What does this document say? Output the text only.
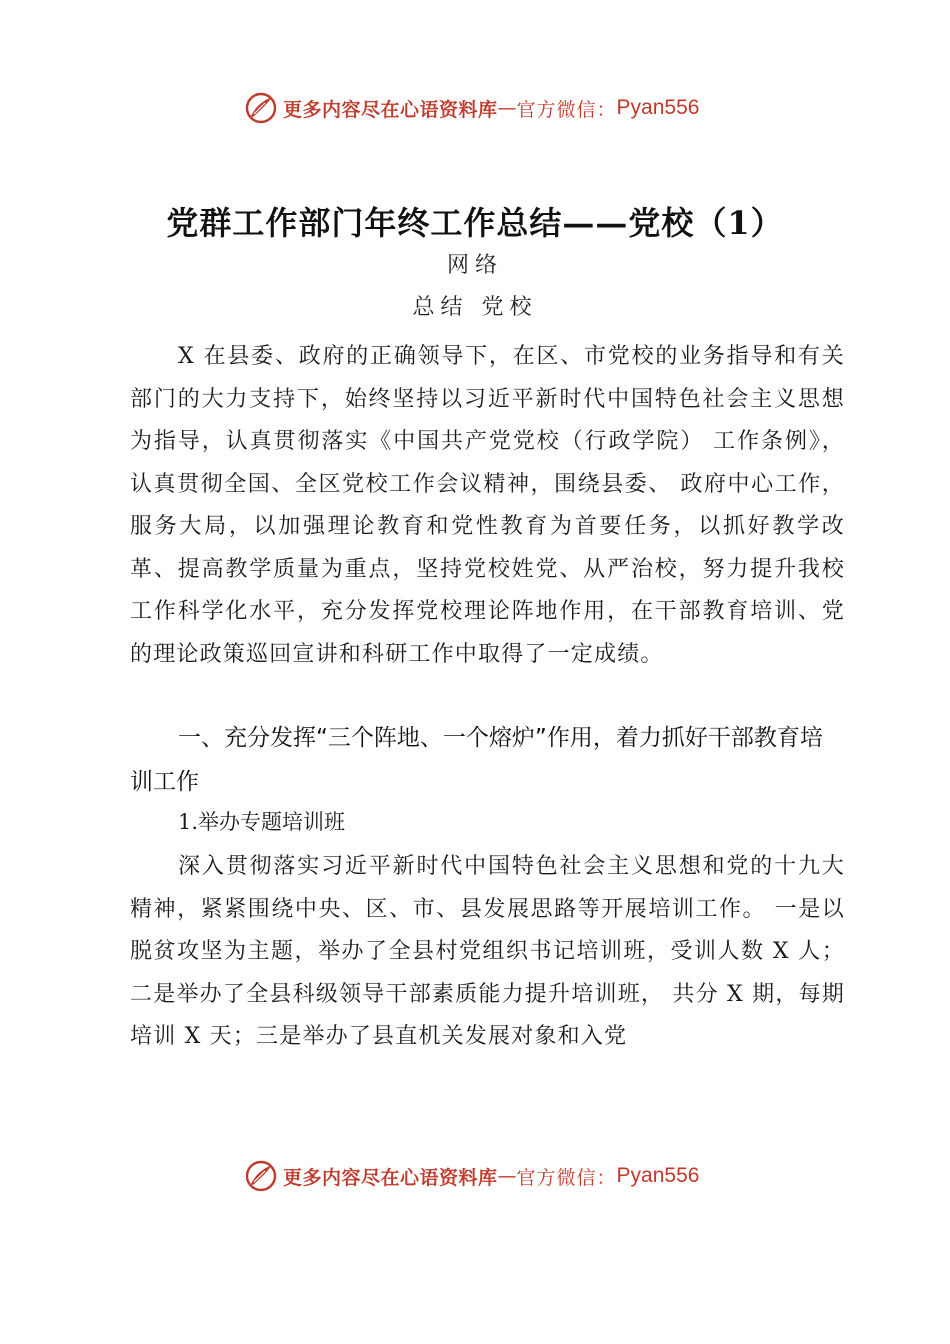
更多内容尽在心语资料库 — 官方微信： Pyan556
党群工作部门年终工作总结——党校（1）
网络
总结 党校
X 在县委、政府的正确领导下，在区、市党校的业务指导和有关部门的大力支持下，始终坚持以习近平新时代中国特色社会主义思想为指导，认真贯彻落实《中国共产党党校（行政学院） 工作条例》，认真贯彻全国、全区党校工作会议精神，围绕县委、 政府中心工作，服务大局，以加强理论教育和党性教育为首要任务，以抓好教学改革、提高教学质量为重点，坚持党校姓党、从严治校，努力提升我校工作科学化水平，充分发挥党校理论阵地作用，在干部教育培训、党的理论政策巡回宣讲和科研工作中取得了一定成绩。
一、充分发挥“三个阵地、一个熔炉”作用，着力抓好干部教育培训工作
1.举办专题培训班
深入贯彻落实习近平新时代中国特色社会主义思想和党的十九大精神，紧紧围绕中央、区、市、县发展思路等开展培训工作。 一是以脱贫攻坚为主题，举办了全县村党组织书记培训班，受训人数 X 人；二是举办了全县科级领导干部素质能力提升培训班， 共分 X 期，每期培训 X 天；三是举办了县直机关发展对象和入党
更多内容尽在心语资料库 — 官方微信： Pyan556
